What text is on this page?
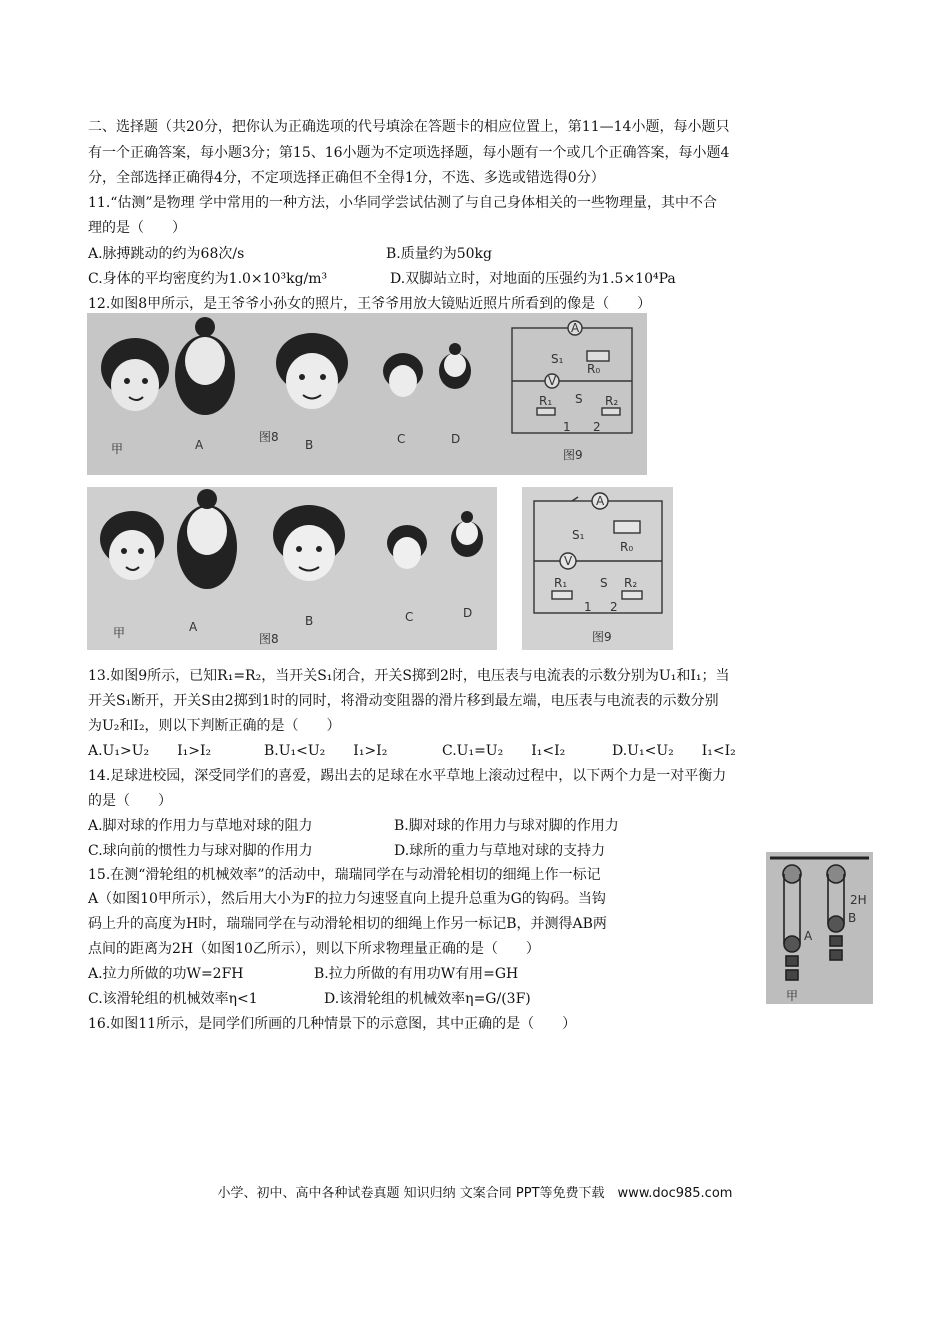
二、选择题（共20分，把你认为正确选项的代号填涂在答题卡的相应位置上，第11—14小题，每小题只
有一个正确答案，每小题3分；第15、16小题为不定项选择题，每小题有一个或几个正确答案，每小题4
分，全部选择正确得4分，不定项选择正确但不全得1分，不选、多选或错选得0分）
11.“估测”是物理 学中常用的一种方法，小华同学尝试估测了与自己身体相关的一些物理量，其中不合
理的是（　　）
A.脉搏跳动的约为68次/s	B.质量约为50kg
C.身体的平均密度约为1.0×10³kg/m³	D.双脚站立时，对地面的压强约为1.5×10⁴Pa
12.如图8甲所示，是王爷爷小孙女的照片，王爷爷用放大镜贴近照片所看到的像是（　　）
甲	A	B	C	D
图8
A
V
S₁
R₀
S
R₁	R₂
1 2
图9
甲	A	B	C	D
图8
A
V
S₁
R₀
S
R₁	R₂
1 2
图9
13.如图9所示，已知R₁=R₂，当开关S₁闭合，开关S掷到2时，电压表与电流表的示数分别为U₁和I₁；当
开关S₁断开，开关S由2掷到1时的同时，将滑动变阻器的滑片移到最左端，电压表与电流表的示数分别
为U₂和I₂，则以下判断正确的是（　　）
A.U₁>U₂　　I₁>I₂	B.U₁<U₂　　I₁>I₂	C.U₁=U₂　　I₁<I₂	D.U₁<U₂　　I₁<I₂
14.足球进校园，深受同学们的喜爱，踢出去的足球在水平草地上滚动过程中，以下两个力是一对平衡力
的是（　　）
A.脚对球的作用力与草地对球的阻力	B.脚对球的作用力与球对脚的作用力
C.球向前的惯性力与球对脚的作用力	D.球所的重力与草地对球的支持力
15.在测“滑轮组的机械效率”的活动中，瑞瑞同学在与动滑轮相切的细绳上作一标记
A（如图10甲所示），然后用大小为F的拉力匀速竖直向上提升总重为G的钩码。当钩
码上升的高度为H时，瑞瑞同学在与动滑轮相切的细绳上作另一标记B，并测得AB两
点间的距离为2H（如图10乙所示），则以下所求物理量正确的是（　　）
A.拉力所做的功W=2FH	B.拉力所做的有用功W有用=GH
C.该滑轮组的机械效率η<1	D.该滑轮组的机械效率η=G/(3F)
2H
A
B
甲
16.如图11所示，是同学们所画的几种情景下的示意图，其中正确的是（　　）
小学、初中、高中各种试卷真题 知识归纳 文案合同 PPT等免费下载　www.doc985.com
